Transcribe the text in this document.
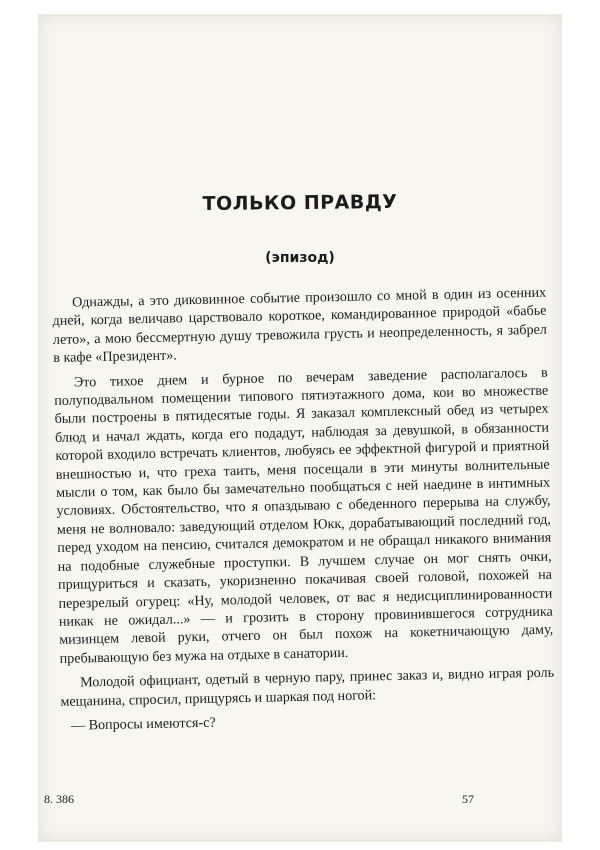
ТОЛЬКО ПРАВДУ
(эпизод)

Однажды, а это диковинное событие произошло со мной в один из осенних дней, когда величаво царствовало короткое, командированное природой «бабье лето», а мою бессмертную душу тревожила грусть и неопределенность, я забрел в кафе «Президент».

Это тихое днем и бурное по вечерам заведение располагалось в полуподвальном помещении типового пятиэтажного дома, кои во множестве были построены в пятидесятые годы. Я заказал комплексный обед из четырех блюд и начал ждать, когда его подадут, наблюдая за девушкой, в обязанности которой входило встречать клиентов, любуясь ее эффектной фигурой и приятной внешностью и, что греха таить, меня посещали в эти минуты волнительные мысли о том, как было бы замечательно пообщаться с ней наедине в интимных условиях. Обстоятельство, что я опаздываю с обеденного перерыва на службу, меня не волновало: заведующий отделом Юкк, дорабатывающий последний год, перед уходом на пенсию, считался демократом и не обращал никакого внимания на подобные служебные проступки. В лучшем случае он мог снять очки, прищуриться и сказать, укоризненно покачивая своей головой, похожей на перезрелый огурец: «Ну, молодой человек, от вас я недисциплинированности никак не ожидал...» — и грозить в сторону провинившегося сотрудника мизинцем левой руки, отчего он был похож на кокетничающую даму, пребывающую без мужа на отдыхе в санатории.

Молодой официант, одетый в черную пару, принес заказ и, видно играя роль мещанина, спросил, прищурясь и шаркая под ногой:

— Вопросы имеются-с?

8. 386	57
